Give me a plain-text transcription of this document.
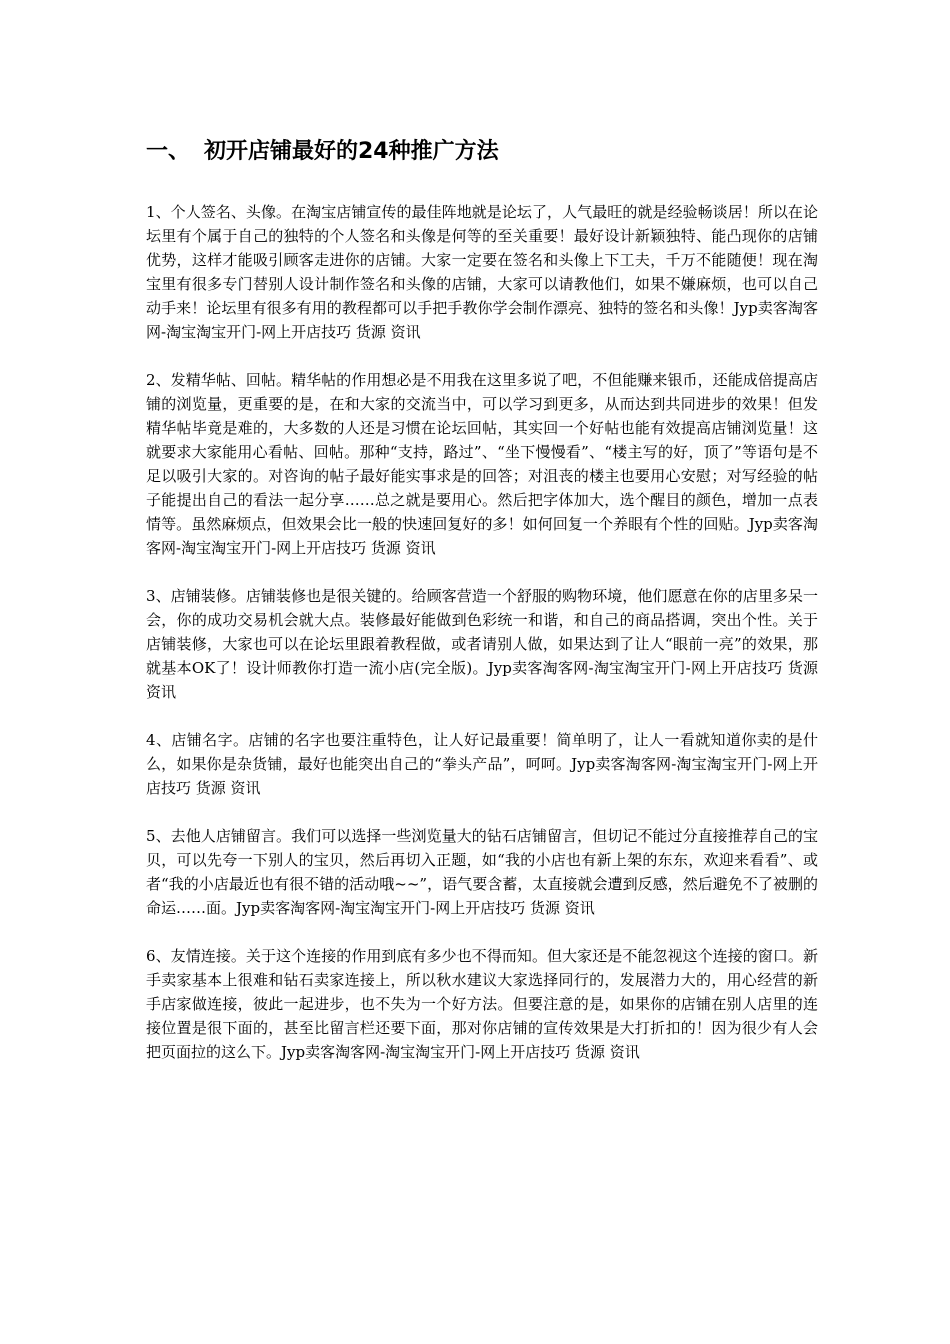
一、 初开店铺最好的24种推广方法

1、个人签名、头像。在淘宝店铺宣传的最佳阵地就是论坛了，人气最旺的就是经验畅谈居！所以在论坛里有个属于自己的独特的个人签名和头像是何等的至关重要！最好设计新颖独特、能凸现你的店铺优势，这样才能吸引顾客走进你的店铺。大家一定要在签名和头像上下工夫，千万不能随便！现在淘宝里有很多专门替别人设计制作签名和头像的店铺，大家可以请教他们，如果不嫌麻烦，也可以自己动手来！论坛里有很多有用的教程都可以手把手教你学会制作漂亮、独特的签名和头像！Jyp卖客淘客网-淘宝淘宝开门-网上开店技巧 货源 资讯

2、发精华帖、回帖。精华帖的作用想必是不用我在这里多说了吧，不但能赚来银币，还能成倍提高店铺的浏览量，更重要的是，在和大家的交流当中，可以学习到更多，从而达到共同进步的效果！但发精华帖毕竟是难的，大多数的人还是习惯在论坛回帖，其实回一个好帖也能有效提高店铺浏览量！这就要求大家能用心看帖、回帖。那种“支持，路过”、“坐下慢慢看”、“楼主写的好，顶了”等语句是不足以吸引大家的。对咨询的帖子最好能实事求是的回答；对沮丧的楼主也要用心安慰；对写经验的帖子能提出自己的看法一起分享……总之就是要用心。然后把字体加大，选个醒目的颜色，增加一点表情等。虽然麻烦点，但效果会比一般的快速回复好的多！如何回复一个养眼有个性的回贴。Jyp卖客淘客网-淘宝淘宝开门-网上开店技巧 货源 资讯

3、店铺装修。店铺装修也是很关键的。给顾客营造一个舒服的购物环境，他们愿意在你的店里多呆一会，你的成功交易机会就大点。装修最好能做到色彩统一和谐，和自己的商品搭调，突出个性。关于店铺装修，大家也可以在论坛里跟着教程做，或者请别人做，如果达到了让人“眼前一亮”的效果，那就基本OK了！设计师教你打造一流小店(完全版)。Jyp卖客淘客网-淘宝淘宝开门-网上开店技巧 货源 资讯

4、店铺名字。店铺的名字也要注重特色，让人好记最重要！简单明了，让人一看就知道你卖的是什么，如果你是杂货铺，最好也能突出自己的“拳头产品”，呵呵。Jyp卖客淘客网-淘宝淘宝开门-网上开店技巧 货源 资讯

5、去他人店铺留言。我们可以选择一些浏览量大的钻石店铺留言，但切记不能过分直接推荐自己的宝贝，可以先夸一下别人的宝贝，然后再切入正题，如“我的小店也有新上架的东东，欢迎来看看”、或者“我的小店最近也有很不错的活动哦~~”，语气要含蓄，太直接就会遭到反感，然后避免不了被删的命运……面。Jyp卖客淘客网-淘宝淘宝开门-网上开店技巧 货源 资讯

6、友情连接。关于这个连接的作用到底有多少也不得而知。但大家还是不能忽视这个连接的窗口。新手卖家基本上很难和钻石卖家连接上，所以秋水建议大家选择同行的，发展潜力大的，用心经营的新手店家做连接，彼此一起进步，也不失为一个好方法。但要注意的是，如果你的店铺在别人店里的连接位置是很下面的，甚至比留言栏还要下面，那对你店铺的宣传效果是大打折扣的！因为很少有人会把页面拉的这么下。Jyp卖客淘客网-淘宝淘宝开门-网上开店技巧 货源 资讯
